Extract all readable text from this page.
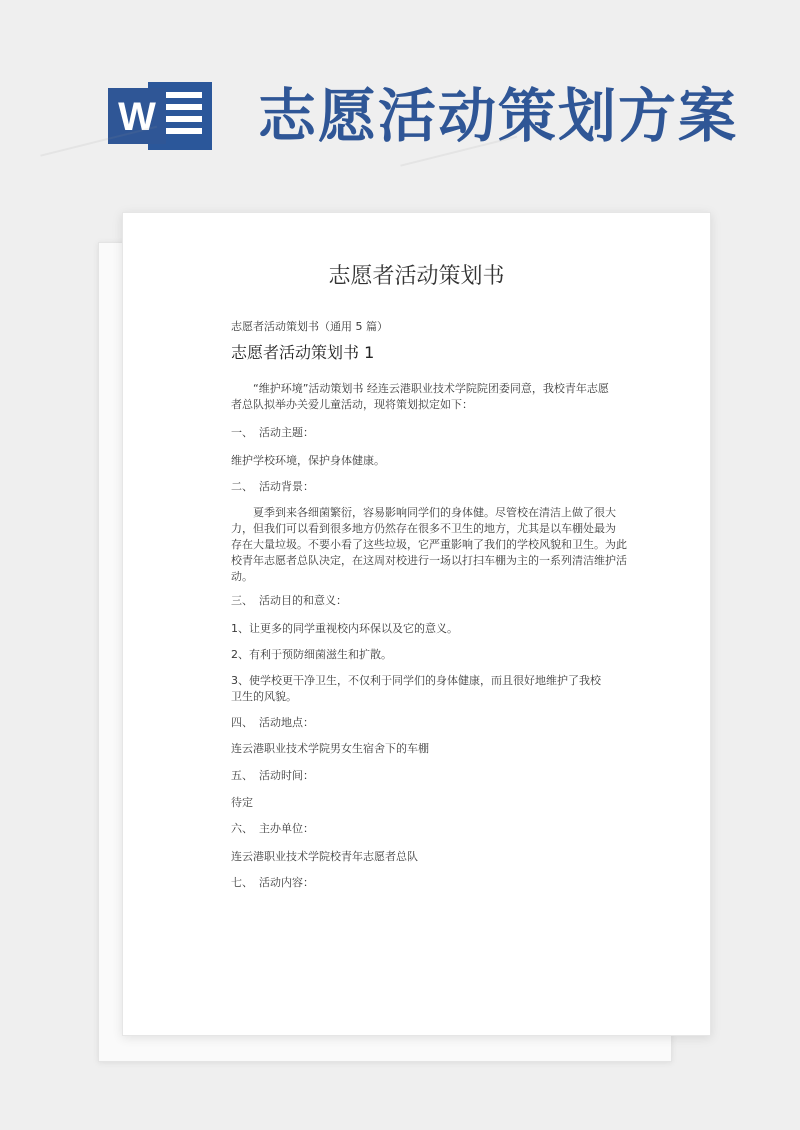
W 志愿活动策划方案
志愿者活动策划书
志愿者活动策划书（通用 5 篇）
志愿者活动策划书 1
“维护环境”活动策划书 经连云港职业技术学院院团委同意，我校青年志愿
者总队拟举办关爱儿童活动，现将策划拟定如下：
一、 活动主题：
维护学校环境，保护身体健康。
二、 活动背景：
夏季到来各细菌繁衍，容易影响同学们的身体健。尽管校在清洁上做了很大
力，但我们可以看到很多地方仍然存在很多不卫生的地方，尤其是以车棚处最为
存在大量垃圾。不要小看了这些垃圾，它严重影响了我们的学校风貌和卫生。为此
校青年志愿者总队决定，在这周对校进行一场以打扫车棚为主的一系列清洁维护活
动。
三、 活动目的和意义：
1、让更多的同学重视校内环保以及它的意义。
2、有利于预防细菌滋生和扩散。
3、使学校更干净卫生，不仅利于同学们的身体健康，而且很好地维护了我校
卫生的风貌。
四、 活动地点：
连云港职业技术学院男女生宿舍下的车棚
五、 活动时间：
待定
六、 主办单位：
连云港职业技术学院校青年志愿者总队
七、 活动内容：
